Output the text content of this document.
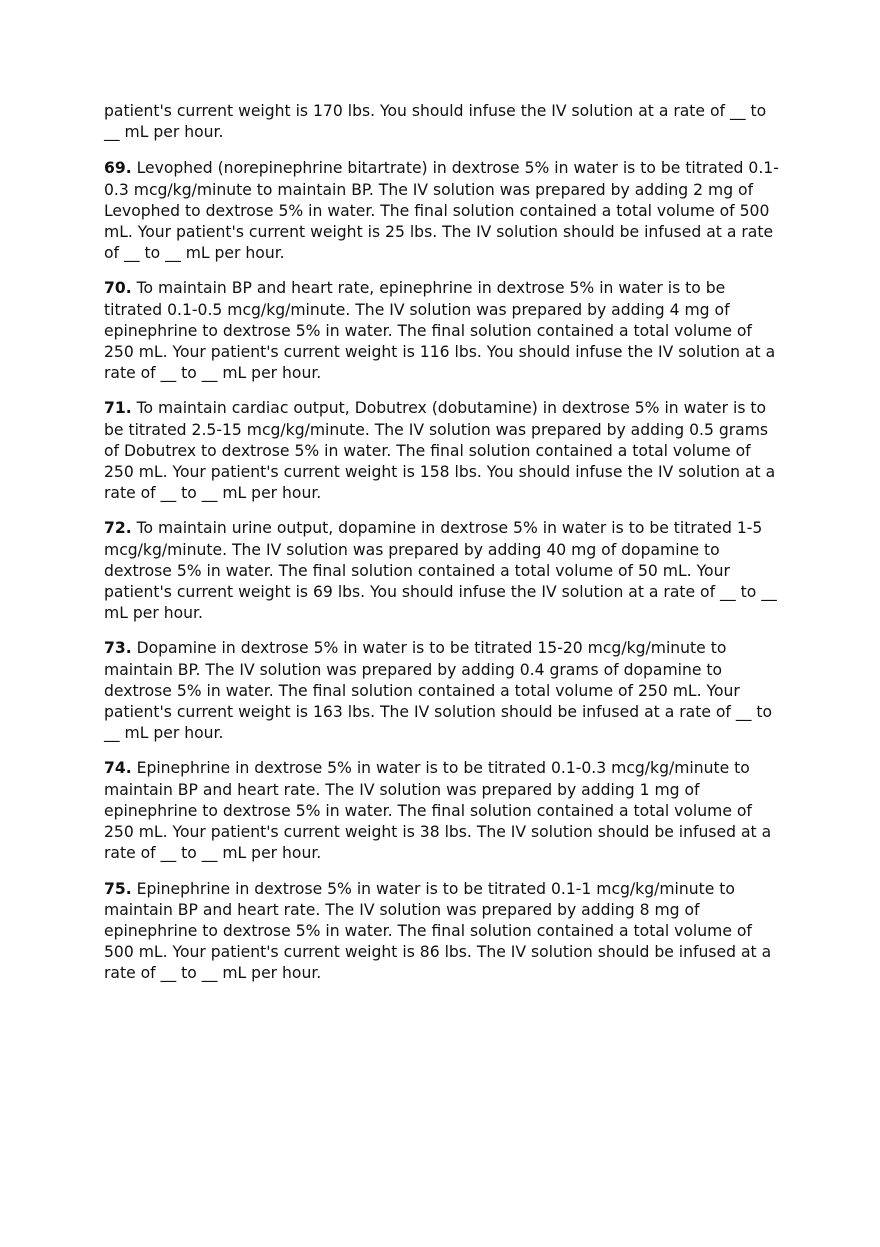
patient's current weight is 170 lbs. You should infuse the IV solution at a rate of __ to __ mL per hour.

69. Levophed (norepinephrine bitartrate) in dextrose 5% in water is to be titrated 0.1-0.3 mcg/kg/minute to maintain BP. The IV solution was prepared by adding 2 mg of Levophed to dextrose 5% in water. The final solution contained a total volume of 500 mL. Your patient's current weight is 25 lbs. The IV solution should be infused at a rate of __ to __ mL per hour.

70. To maintain BP and heart rate, epinephrine in dextrose 5% in water is to be titrated 0.1-0.5 mcg/kg/minute. The IV solution was prepared by adding 4 mg of epinephrine to dextrose 5% in water. The final solution contained a total volume of 250 mL. Your patient's current weight is 116 lbs. You should infuse the IV solution at a rate of __ to __ mL per hour.

71. To maintain cardiac output, Dobutrex (dobutamine) in dextrose 5% in water is to be titrated 2.5-15 mcg/kg/minute. The IV solution was prepared by adding 0.5 grams of Dobutrex to dextrose 5% in water. The final solution contained a total volume of 250 mL. Your patient's current weight is 158 lbs. You should infuse the IV solution at a rate of __ to __ mL per hour.

72. To maintain urine output, dopamine in dextrose 5% in water is to be titrated 1-5 mcg/kg/minute. The IV solution was prepared by adding 40 mg of dopamine to dextrose 5% in water. The final solution contained a total volume of 50 mL. Your patient's current weight is 69 lbs. You should infuse the IV solution at a rate of __ to __ mL per hour.

73. Dopamine in dextrose 5% in water is to be titrated 15-20 mcg/kg/minute to maintain BP. The IV solution was prepared by adding 0.4 grams of dopamine to dextrose 5% in water. The final solution contained a total volume of 250 mL. Your patient's current weight is 163 lbs. The IV solution should be infused at a rate of __ to __ mL per hour.

74. Epinephrine in dextrose 5% in water is to be titrated 0.1-0.3 mcg/kg/minute to maintain BP and heart rate. The IV solution was prepared by adding 1 mg of epinephrine to dextrose 5% in water. The final solution contained a total volume of 250 mL. Your patient's current weight is 38 lbs. The IV solution should be infused at a rate of __ to __ mL per hour.

75. Epinephrine in dextrose 5% in water is to be titrated 0.1-1 mcg/kg/minute to maintain BP and heart rate. The IV solution was prepared by adding 8 mg of epinephrine to dextrose 5% in water. The final solution contained a total volume of 500 mL. Your patient's current weight is 86 lbs. The IV solution should be infused at a rate of __ to __ mL per hour.
